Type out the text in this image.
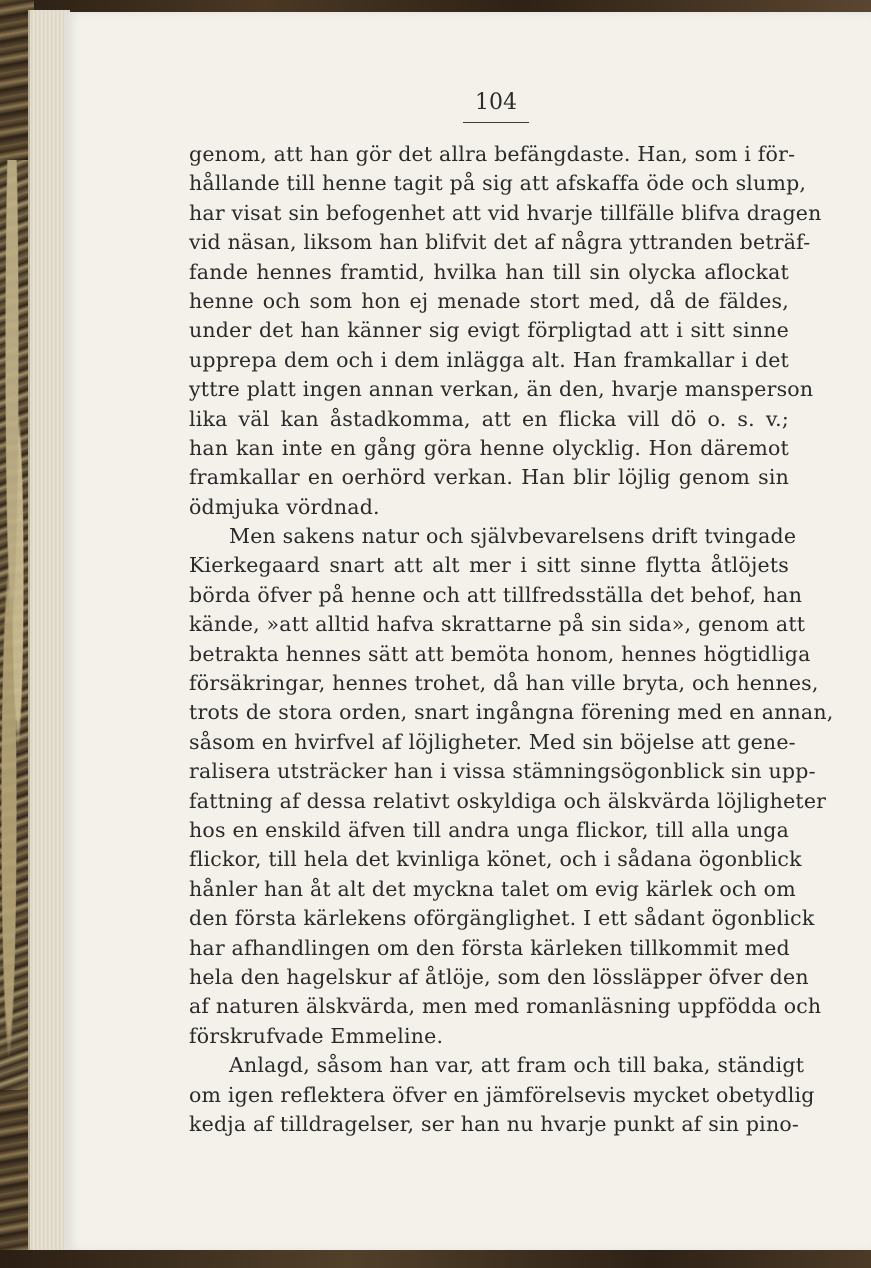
104
genom, att han gör det allra befängdaste. Han, som i för-
hållande till henne tagit på sig att afskaffa öde och slump,
har visat sin befogenhet att vid hvarje tillfälle blifva dragen
vid näsan, liksom han blifvit det af några yttranden beträf-
fande hennes framtid, hvilka han till sin olycka aflockat
henne och som hon ej menade stort med, då de fäldes,
under det han känner sig evigt förpligtad att i sitt sinne
upprepa dem och i dem inlägga alt. Han framkallar i det
yttre platt ingen annan verkan, än den, hvarje mansperson
lika väl kan åstadkomma, att en flicka vill dö o. s. v.;
han kan inte en gång göra henne olycklig. Hon däremot
framkallar en oerhörd verkan. Han blir löjlig genom sin
ödmjuka vördnad.
Men sakens natur och självbevarelsens drift tvingade
Kierkegaard snart att alt mer i sitt sinne flytta åtlöjets
börda öfver på henne och att tillfredsställa det behof, han
kände, »att alltid hafva skrattarne på sin sida», genom att
betrakta hennes sätt att bemöta honom, hennes högtidliga
försäkringar, hennes trohet, då han ville bryta, och hennes,
trots de stora orden, snart ingångna förening med en annan,
såsom en hvirfvel af löjligheter. Med sin böjelse att gene-
ralisera utsträcker han i vissa stämningsögonblick sin upp-
fattning af dessa relativt oskyldiga och älskvärda löjligheter
hos en enskild äfven till andra unga flickor, till alla unga
flickor, till hela det kvinliga könet, och i sådana ögonblick
hånler han åt alt det myckna talet om evig kärlek och om
den första kärlekens oförgänglighet. I ett sådant ögonblick
har afhandlingen om den första kärleken tillkommit med
hela den hagelskur af åtlöje, som den lössläpper öfver den
af naturen älskvärda, men med romanläsning uppfödda och
förskrufvade Emmeline.
Anlagd, såsom han var, att fram och till baka, ständigt
om igen reflektera öfver en jämförelsevis mycket obetydlig
kedja af tilldragelser, ser han nu hvarje punkt af sin pino-
